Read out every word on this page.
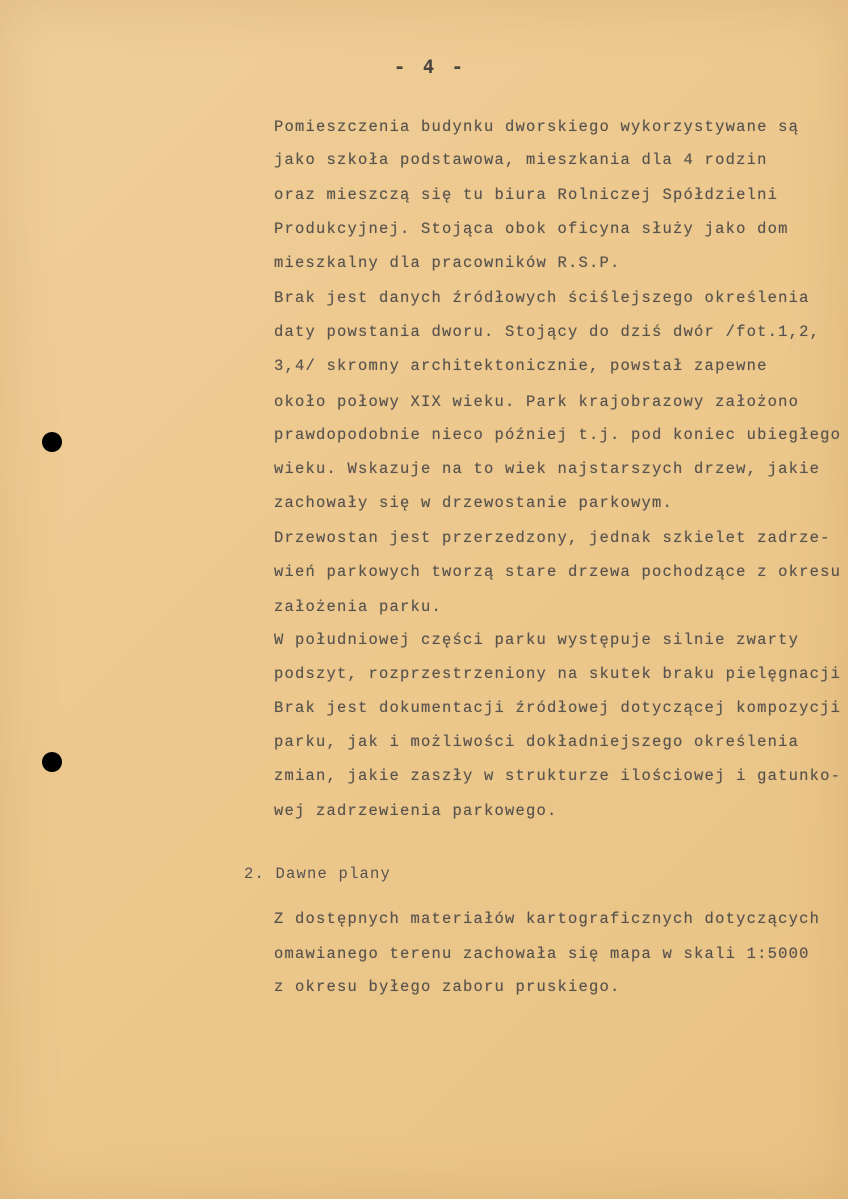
- 4 -
Pomieszczenia budynku dworskiego wykorzystywane są
jako szkoła podstawowa, mieszkania dla 4 rodzin
oraz mieszczą się tu biura Rolniczej Spółdzielni
Produkcyjnej. Stojąca obok oficyna służy jako dom
mieszkalny dla pracowników R.S.P.
Brak jest danych źródłowych ściślejszego określenia
daty powstania dworu. Stojący do dziś dwór /fot.1,2,
3,4/ skromny architektonicznie, powstał zapewne
około połowy XIX wieku. Park krajobrazowy założono
prawdopodobnie nieco później t.j. pod koniec ubiegłego
wieku. Wskazuje na to wiek najstarszych drzew, jakie
zachowały się w drzewostanie parkowym.
Drzewostan jest przerzedzony, jednak szkielet zadrze-
wień parkowych tworzą stare drzewa pochodzące z okresu
założenia parku.
W południowej części parku występuje silnie zwarty
podszyt, rozprzestrzeniony na skutek braku pielęgnacji
Brak jest dokumentacji źródłowej dotyczącej kompozycji
parku, jak i możliwości dokładniejszego określenia
zmian, jakie zaszły w strukturze ilościowej i gatunko-
wej zadrzewienia parkowego.
2. Dawne plany
Z dostępnych materiałów kartograficznych dotyczących
omawianego terenu zachowała się mapa w skali 1:5000
z okresu byłego zaboru pruskiego.
